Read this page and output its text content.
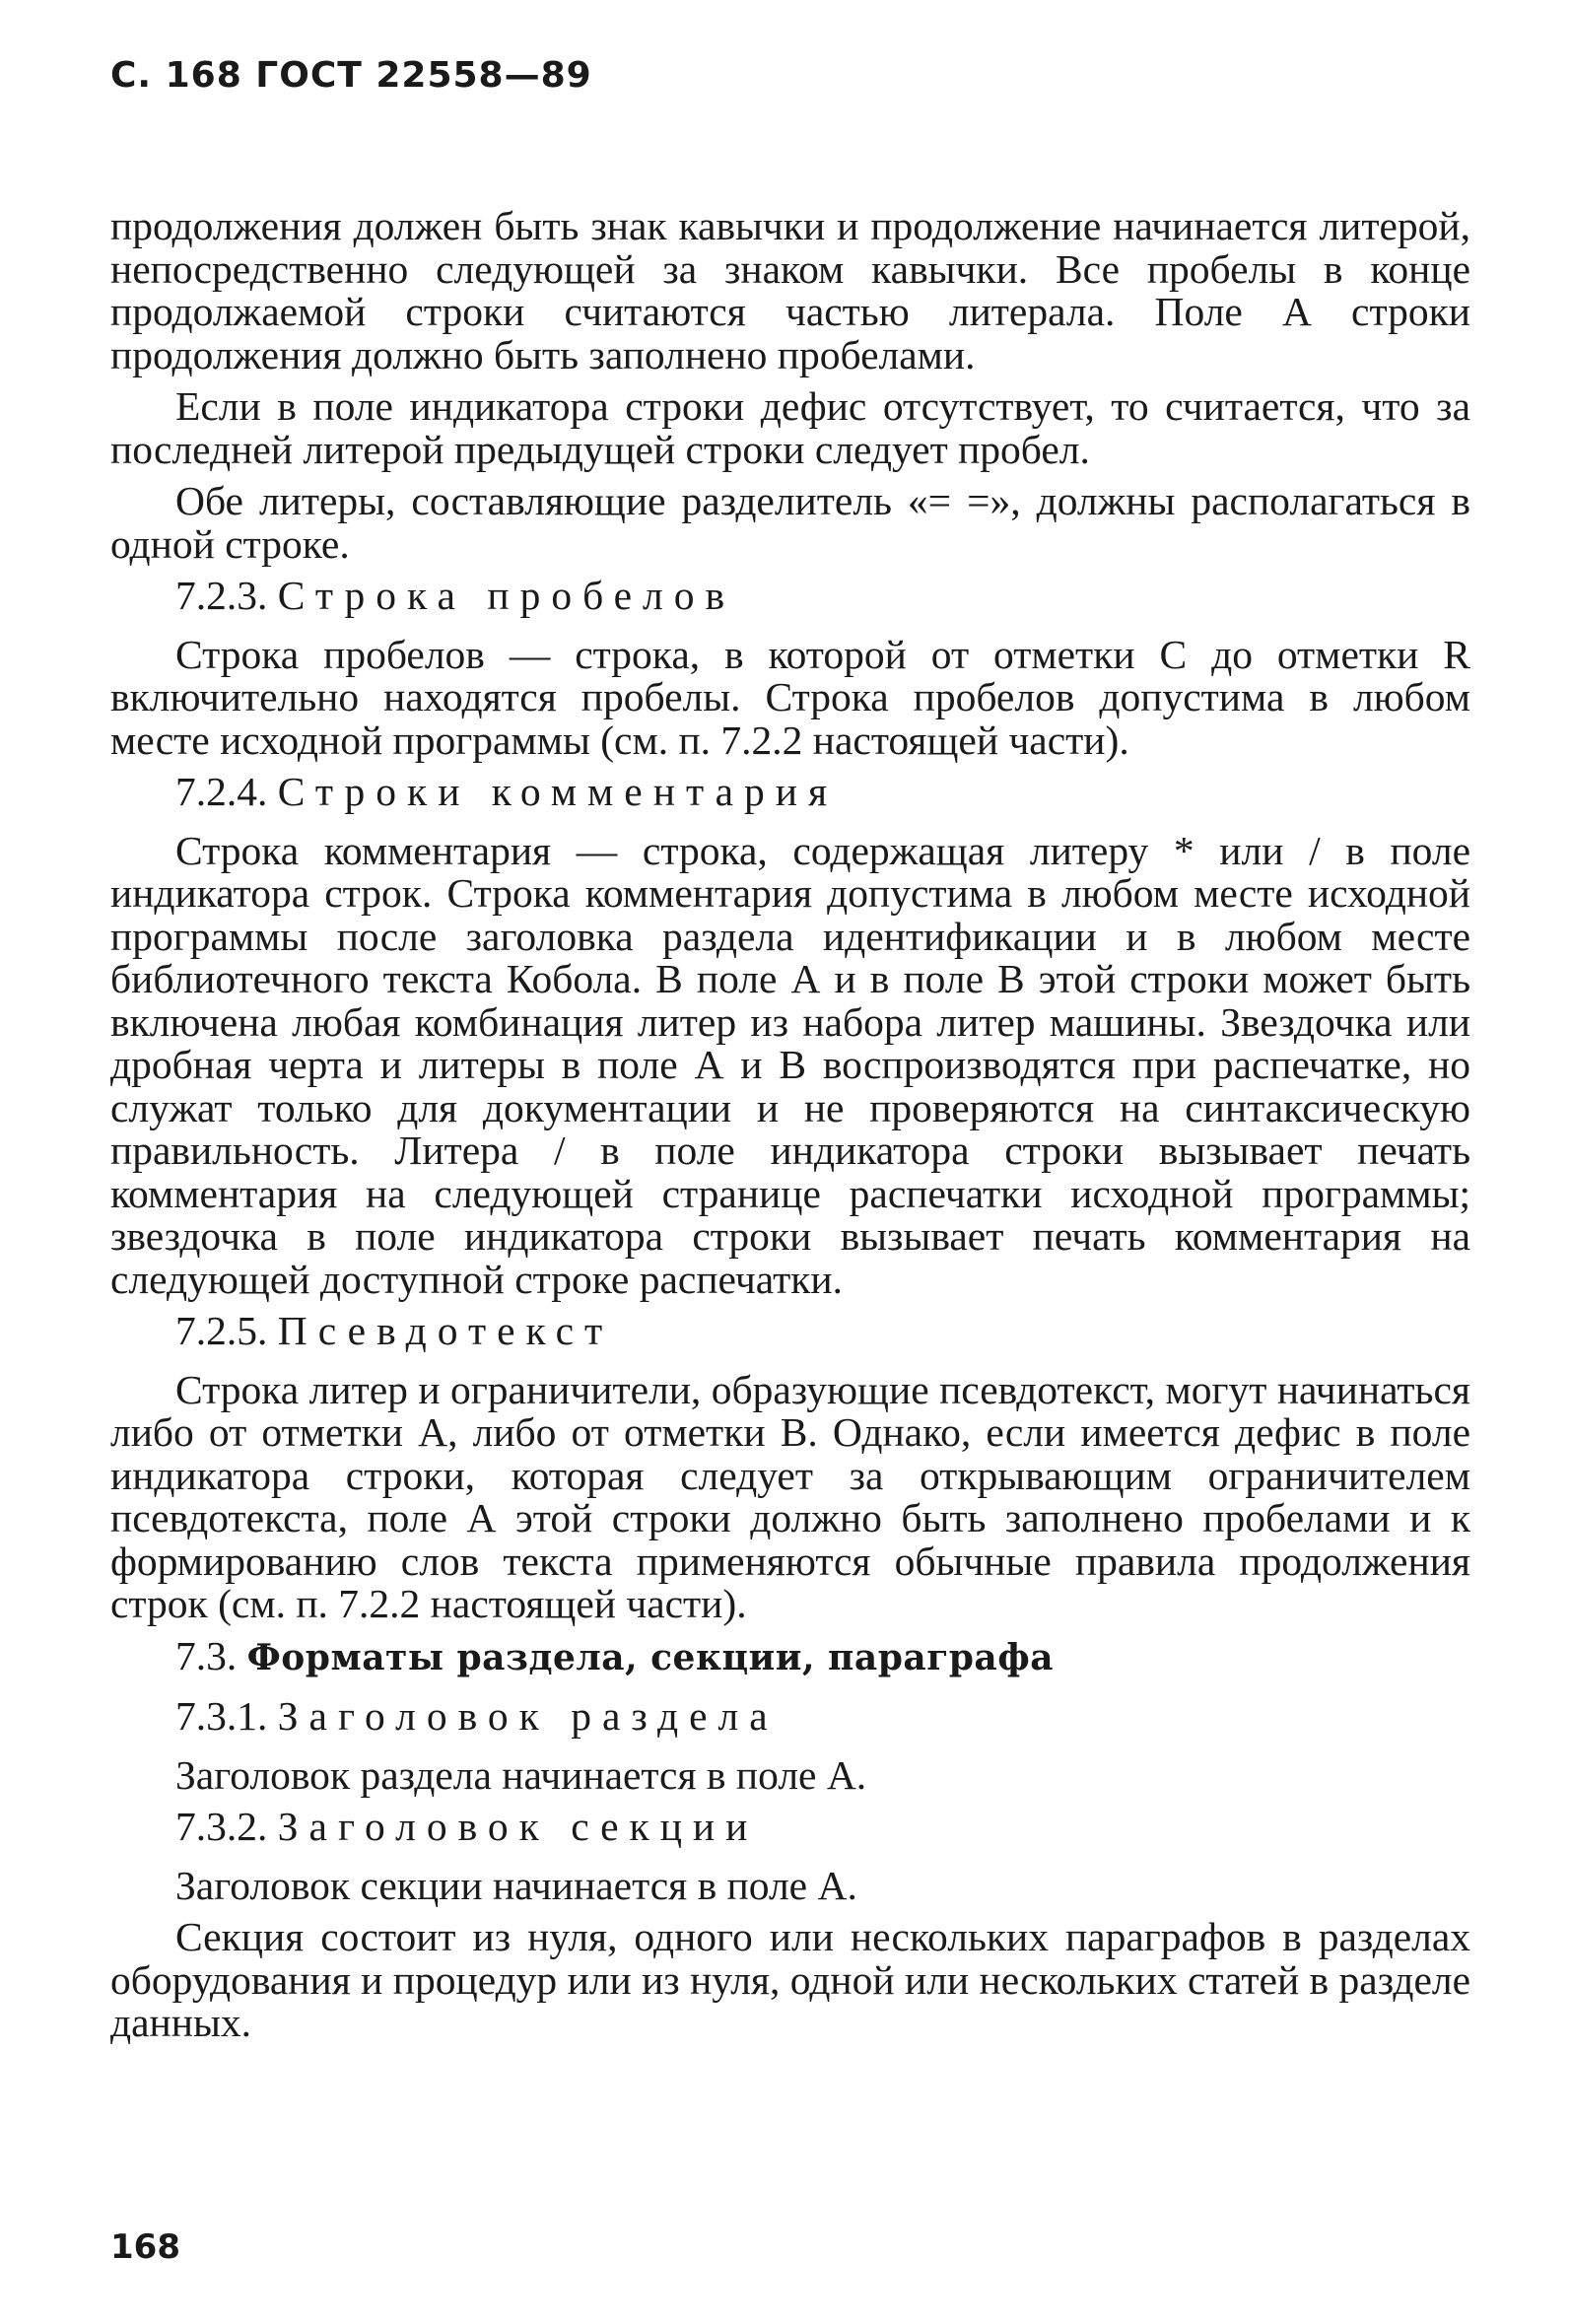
С. 168 ГОСТ 22558—89

продолжения должен быть знак кавычки и продолжение начинается литерой, непосредственно следующей за знаком кавычки. Все пробелы в конце продолжаемой строки считаются частью литерала. Поле А строки продолжения должно быть заполнено пробелами.

Если в поле индикатора строки дефис отсутствует, то считается, что за последней литерой предыдущей строки следует пробел.

Обе литеры, составляющие разделитель «= =», должны располагаться в одной строке.

7.2.3. Строка пробелов

Строка пробелов — строка, в которой от отметки С до отметки R включительно находятся пробелы. Строка пробелов допустима в любом месте исходной программы (см. п. 7.2.2 настоящей части).

7.2.4. Строки комментария

Строка комментария — строка, содержащая литеру * или / в поле индикатора строк. Строка комментария допустима в любом месте исходной программы после заголовка раздела идентификации и в любом месте библиотечного текста Кобола. В поле А и в поле В этой строки может быть включена любая комбинация литер из набора литер машины. Звездочка или дробная черта и литеры в поле А и В воспроизводятся при распечатке, но служат только для документации и не проверяются на синтаксическую правильность. Литера / в поле индикатора строки вызывает печать комментария на следующей странице распечатки исходной программы; звездочка в поле индикатора строки вызывает печать комментария на следующей доступной строке распечатки.

7.2.5. Псевдотекст

Строка литер и ограничители, образующие псевдотекст, могут начинаться либо от отметки А, либо от отметки В. Однако, если имеется дефис в поле индикатора строки, которая следует за открывающим ограничителем псевдотекста, поле А этой строки должно быть заполнено пробелами и к формированию слов текста применяются обычные правила продолжения строк (см. п. 7.2.2 настоящей части).

7.3. Форматы раздела, секции, параграфа
7.3.1. Заголовок раздела

Заголовок раздела начинается в поле А.

7.3.2. Заголовок секции

Заголовок секции начинается в поле А.

Секция состоит из нуля, одного или нескольких параграфов в разделах оборудования и процедур или из нуля, одной или нескольких статей в разделе данных.

168
